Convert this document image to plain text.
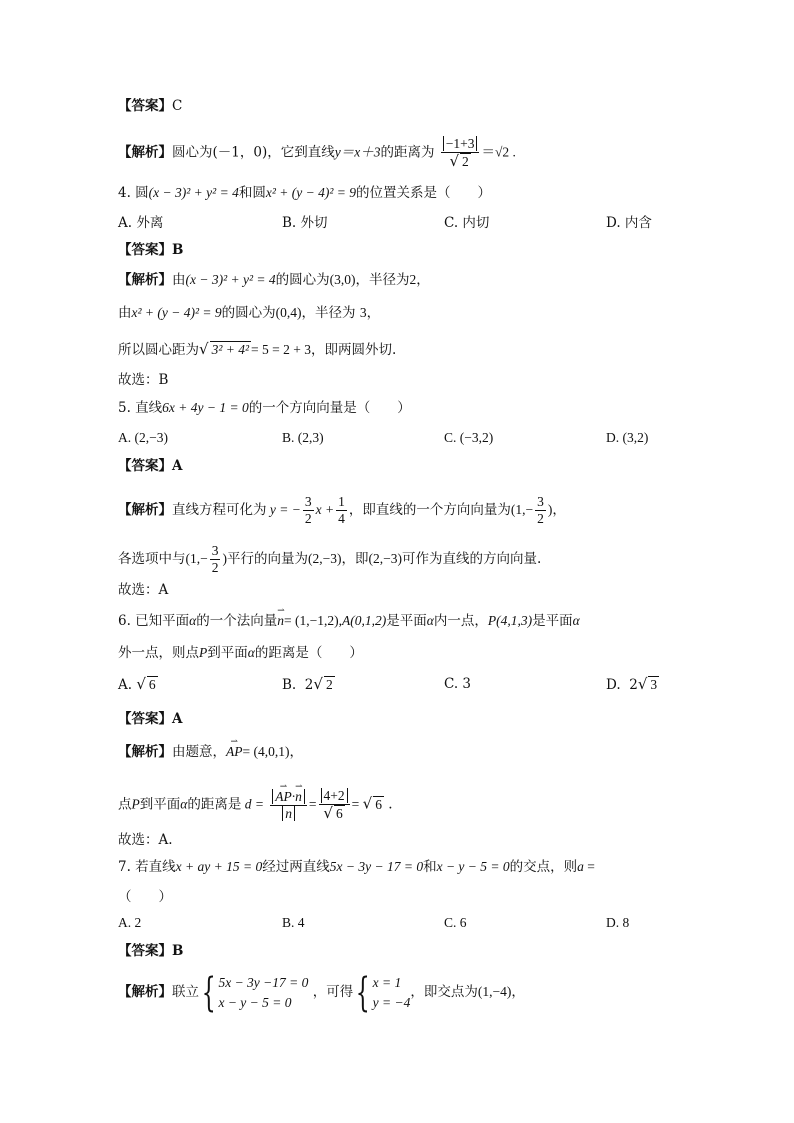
【答案】C
【解析】圆心为(－1，0)，它到直线y＝x＋3的距离为 $\frac{-1+3}{√ 2} =√2$ .
4. 圆(x − 3)² + y² = 4和圆x² + (y − 4)² = 9的位置关系是（　　）
A. 外离	B. 外切	C. 内切	D. 内含
【答案】B
【解析】由(x − 3)² + y² = 4的圆心为(3,0)，半径为2，
由x² + (y − 4)² = 9的圆心为(0,4)，半径为 3，
所以圆心距为√ 3² + 4² = 5 = 2 + 3，即两圆外切.
故选：B
5. 直线6x + 4y − 1 = 0的一个方向向量是（　　）
A. (2,−3)	B. (2,3)	C. (−3,2)	D. (3,2)
【答案】A
【解析】直线方程可化为 y = − $\frac{3}{2}$ $x + \frac{1}{4}$ ，即直线的一个方向向量为($1,- \frac{3}{2}$ )，
各选项中与($1,- \frac{3}{2}$ )平行的向量为(2,−3)，即(2,−3)可作为直线的方向向量.
故选：A
6. 已知平面α的一个法向量⇀ n= (1,−1,2),A(0,1,2)是平面α内一点，P(4,1,3)是平面α
外一点，则点P到平面α的距离是（　　）
A. √ 6	B.  2√ 2	C. 3	D.  2√ 3
【答案】A
【解析】由题意，⇀ AP= (4,0,1)，
点P到平面α的距离是 d =
⇀ $\frac{AP\cdot⇀ n}{n} = \frac{4+2}{√ 6}$ = √ 6 .
故选：A.
7. 若直线x + ay + 15 = 0经过两直线5x − 3y − 17 = 0和x − y − 5 = 0的交点，则a =
（　　）
A. 2	B. 4	C. 6	D. 8
【答案】B
【解析】联立{ 5x − 3y −17 = 0
x − y − 5 = 0
，可得{ x = 1
y = −4
，即交点为(1,−4)，
